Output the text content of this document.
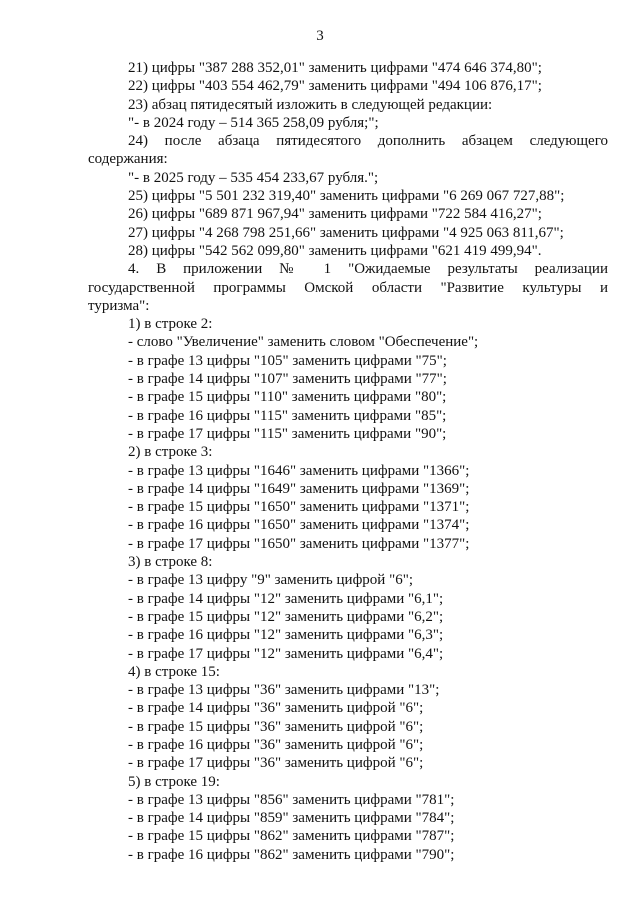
3
21) цифры "387 288 352,01" заменить цифрами "474 646 374,80";
22) цифры "403 554 462,79" заменить цифрами "494 106 876,17";
23) абзац пятидесятый изложить в следующей редакции:
"- в 2024 году – 514 365 258,09 рубля;";
24) после абзаца пятидесятого дополнить абзацем следующего
содержания:
"- в 2025 году – 535 454 233,67 рубля.";
25) цифры "5 501 232 319,40" заменить цифрами "6 269 067 727,88";
26) цифры "689 871 967,94" заменить цифрами "722 584 416,27";
27) цифры "4 268 798 251,66" заменить цифрами "4 925 063 811,67";
28) цифры "542 562 099,80" заменить цифрами "621 419 499,94".
4. В приложении № 1 "Ожидаемые результаты реализации
государственной программы Омской области "Развитие культуры и
туризма":
1) в строке 2:
- слово "Увеличение" заменить словом "Обеспечение";
- в графе 13 цифры "105" заменить цифрами "75";
- в графе 14 цифры "107" заменить цифрами "77";
- в графе 15 цифры "110" заменить цифрами "80";
- в графе 16 цифры "115" заменить цифрами "85";
- в графе 17 цифры "115" заменить цифрами "90";
2) в строке 3:
- в графе 13 цифры "1646" заменить цифрами "1366";
- в графе 14 цифры "1649" заменить цифрами "1369";
- в графе 15 цифры "1650" заменить цифрами "1371";
- в графе 16 цифры "1650" заменить цифрами "1374";
- в графе 17 цифры "1650" заменить цифрами "1377";
3) в строке 8:
- в графе 13 цифру "9" заменить цифрой "6";
- в графе 14 цифры "12" заменить цифрами "6,1";
- в графе 15 цифры "12" заменить цифрами "6,2";
- в графе 16 цифры "12" заменить цифрами "6,3";
- в графе 17 цифры "12" заменить цифрами "6,4";
4) в строке 15:
- в графе 13 цифры "36" заменить цифрами "13";
- в графе 14 цифры "36" заменить цифрой "6";
- в графе 15 цифры "36" заменить цифрой "6";
- в графе 16 цифры "36" заменить цифрой "6";
- в графе 17 цифры "36" заменить цифрой "6";
5) в строке 19:
- в графе 13 цифры "856" заменить цифрами "781";
- в графе 14 цифры "859" заменить цифрами "784";
- в графе 15 цифры "862" заменить цифрами "787";
- в графе 16 цифры "862" заменить цифрами "790";
